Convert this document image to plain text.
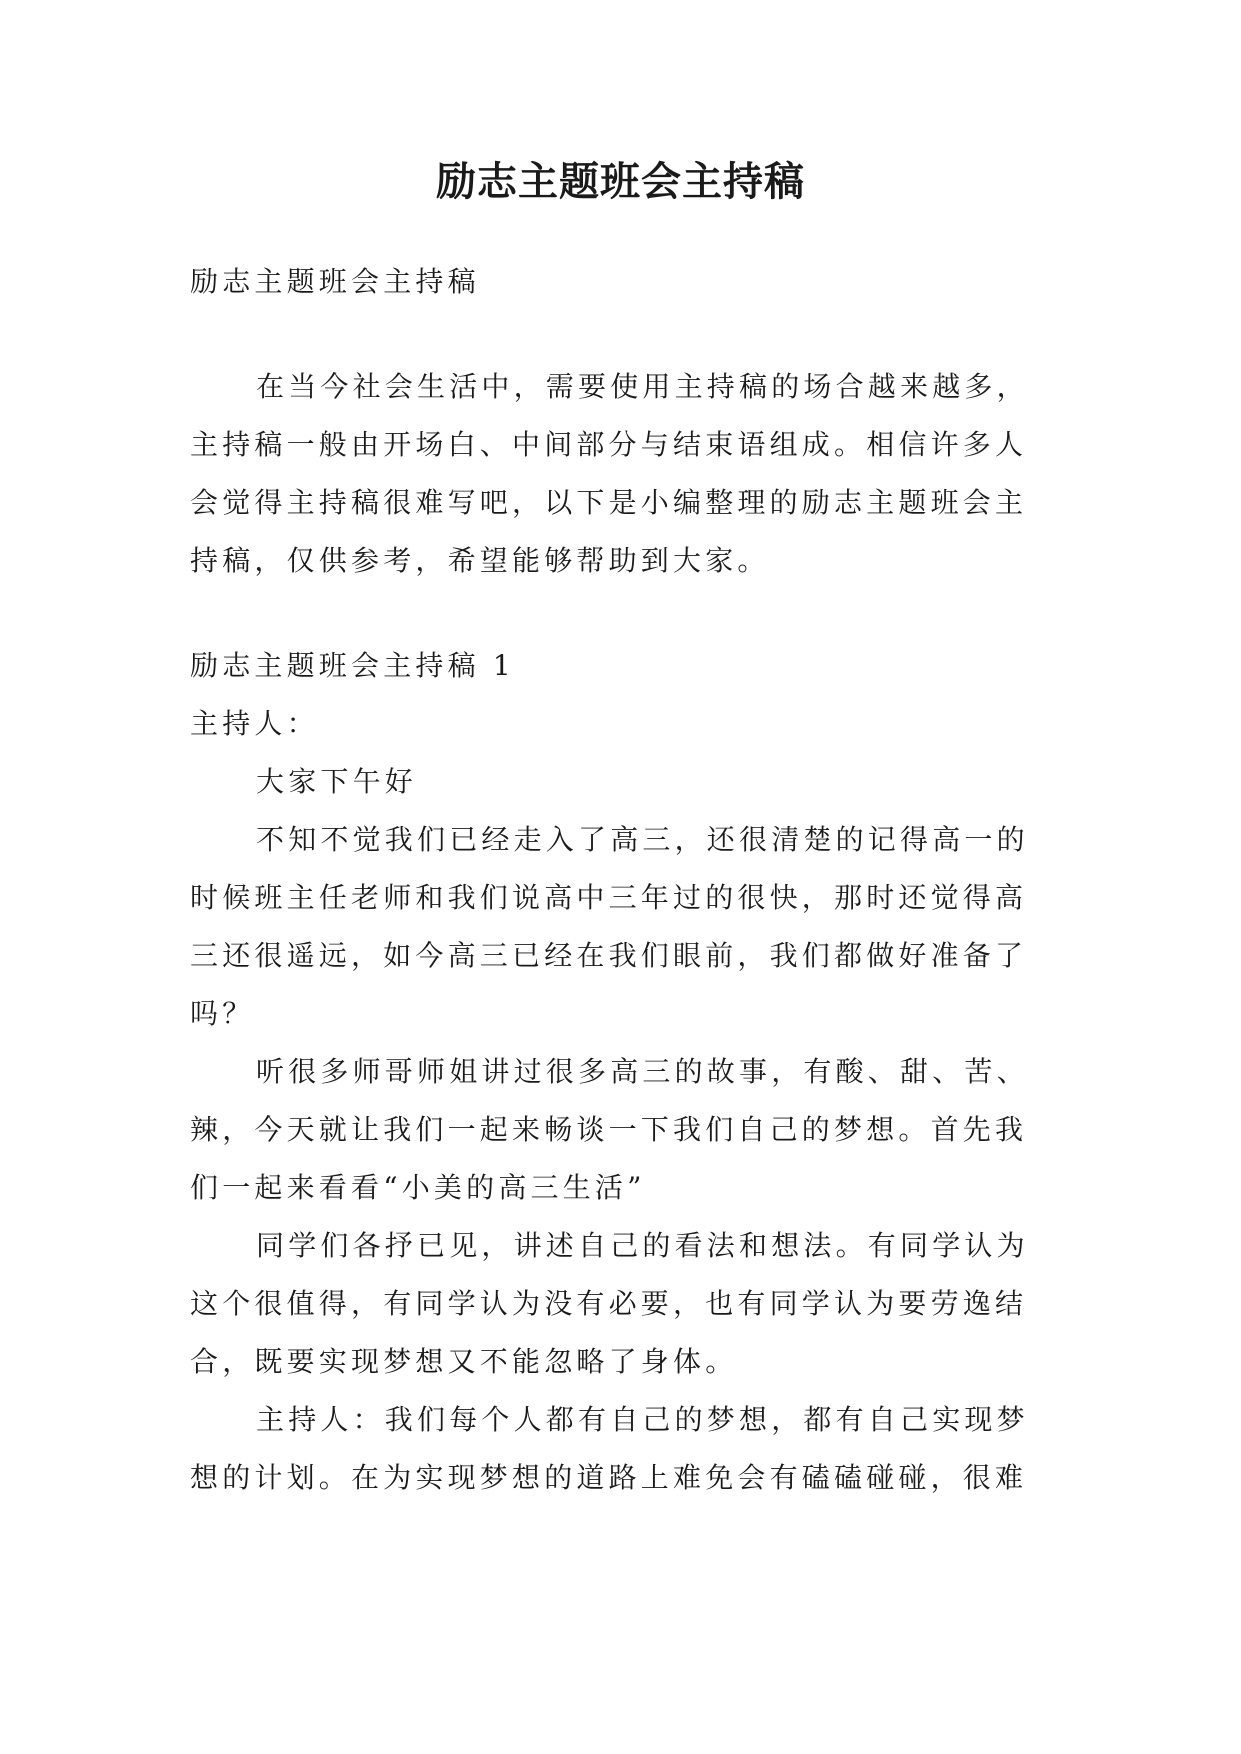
励志主题班会主持稿
励志主题班会主持稿
在当今社会生活中，需要使用主持稿的场合越来越多，
主持稿一般由开场白、中间部分与结束语组成。相信许多人
会觉得主持稿很难写吧，以下是小编整理的励志主题班会主
持稿，仅供参考，希望能够帮助到大家。
励志主题班会主持稿 1
主持人：
大家下午好
不知不觉我们已经走入了高三，还很清楚的记得高一的
时候班主任老师和我们说高中三年过的很快，那时还觉得高
三还很遥远，如今高三已经在我们眼前，我们都做好准备了
吗？
听很多师哥师姐讲过很多高三的故事，有酸、甜、苦、
辣，今天就让我们一起来畅谈一下我们自己的梦想。首先我
们一起来看看“小美的高三生活”
同学们各抒已见，讲述自己的看法和想法。有同学认为
这个很值得，有同学认为没有必要，也有同学认为要劳逸结
合，既要实现梦想又不能忽略了身体。
主持人：我们每个人都有自己的梦想，都有自己实现梦
想的计划。在为实现梦想的道路上难免会有磕磕碰碰，很难
